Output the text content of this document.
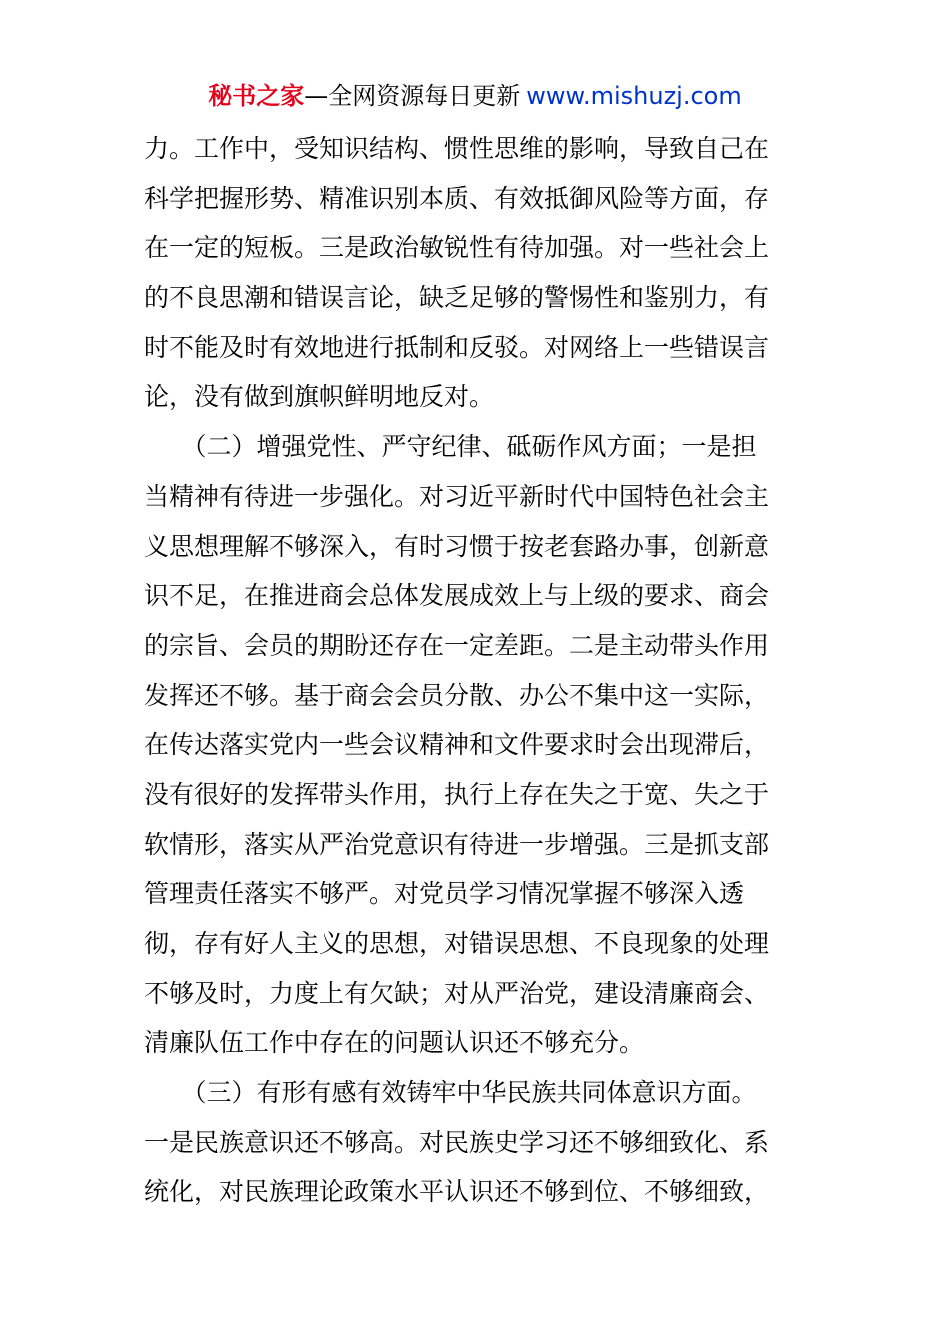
秘书之家—全网资源每日更新 www.mishuzj.com
力。工作中，受知识结构、惯性思维的影响，导致自己在
科学把握形势、精准识别本质、有效抵御风险等方面，存
在一定的短板。三是政治敏锐性有待加强。对一些社会上
的不良思潮和错误言论，缺乏足够的警惕性和鉴别力，有
时不能及时有效地进行抵制和反驳。对网络上一些错误言
论，没有做到旗帜鲜明地反对。
　　（二）增强党性、严守纪律、砥砺作风方面；一是担
当精神有待进一步强化。对习近平新时代中国特色社会主
义思想理解不够深入，有时习惯于按老套路办事，创新意
识不足，在推进商会总体发展成效上与上级的要求、商会
的宗旨、会员的期盼还存在一定差距。二是主动带头作用
发挥还不够。基于商会会员分散、办公不集中这一实际，
在传达落实党内一些会议精神和文件要求时会出现滞后，
没有很好的发挥带头作用，执行上存在失之于宽、失之于
软情形，落实从严治党意识有待进一步增强。三是抓支部
管理责任落实不够严。对党员学习情况掌握不够深入透
彻，存有好人主义的思想，对错误思想、不良现象的处理
不够及时，力度上有欠缺；对从严治党，建设清廉商会、
清廉队伍工作中存在的问题认识还不够充分。
　　（三）有形有感有效铸牢中华民族共同体意识方面。
一是民族意识还不够高。对民族史学习还不够细致化、系
统化，对民族理论政策水平认识还不够到位、不够细致，
